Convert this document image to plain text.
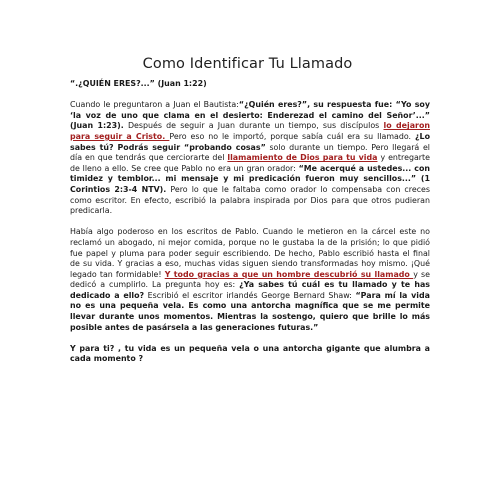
Como Identificar Tu Llamado

“.¿QUIÉN ERES?...” (Juan 1:22)

Cuando le preguntaron a Juan el Bautista:“¿Quién eres?”, su respuesta fue: “Yo soy ‘la voz de uno que clama en el desierto: Enderezad el camino del Señor’...” (Juan 1:23). Después de seguir a Juan durante un tiempo, sus discípulos lo dejaron para seguir a Cristo. Pero eso no le importó, porque sabía cuál era su llamado. ¿Lo sabes tú? Podrás seguir “probando cosas” solo durante un tiempo. Pero llegará el día en que tendrás que cerciorarte del llamamiento de Dios para tu vida y entregarte de lleno a ello. Se cree que Pablo no era un gran orador: “Me acerqué a ustedes... con timidez y temblor... mi mensaje y mi predicación fueron muy sencillos...” (1 Corintios 2:3-4 NTV). Pero lo que le faltaba como orador lo compensaba con creces como escritor. En efecto, escribió la palabra inspirada por Dios para que otros pudieran predicarla.

Había algo poderoso en los escritos de Pablo. Cuando le metieron en la cárcel este no reclamó un abogado, ni mejor comida, porque no le gustaba la de la prisión; lo que pidió fue papel y pluma para poder seguir escribiendo. De hecho, Pablo escribió hasta el final de su vida. Y gracias a eso, muchas vidas siguen siendo transformadas hoy mismo. ¡Qué legado tan formidable! Y todo gracias a que un hombre descubrió su llamado y se dedicó a cumplirlo. La pregunta hoy es: ¿Ya sabes tú cuál es tu llamado y te has dedicado a ello? Escribió el escritor irlandés George Bernard Shaw: “Para mí la vida no es una pequeña vela. Es como una antorcha magnífica que se me permite llevar durante unos momentos. Mientras la sostengo, quiero que brille lo más posible antes de pasársela a las generaciones futuras.”

Y para ti? , tu vida es un pequeña vela o una antorcha gigante que alumbra a cada momento ?
